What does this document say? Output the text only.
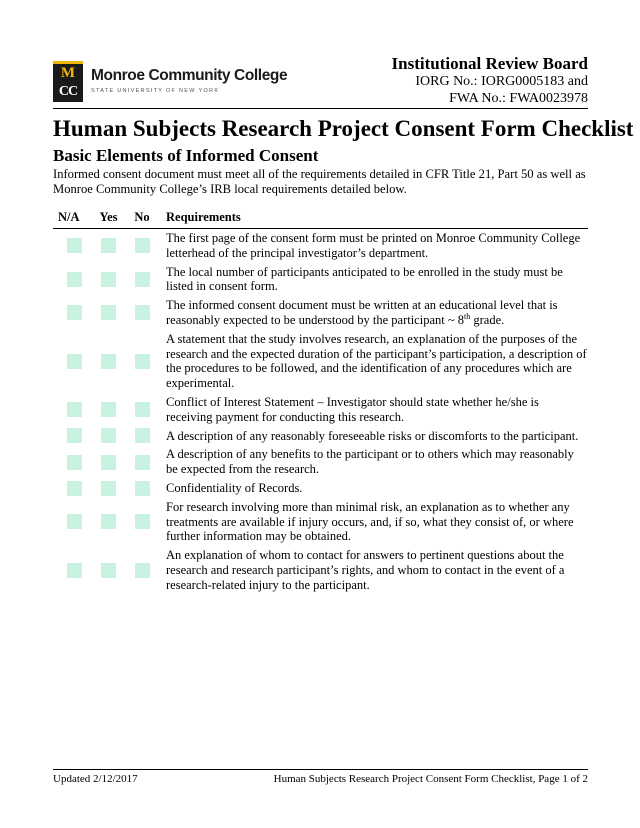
M
CC
Monroe Community College
STATE UNIVERSITY OF NEW YORK
Institutional Review Board
IORG No.: IORG0005183 and
FWA No.: FWA0023978
Human Subjects Research Project Consent Form Checklist
Basic Elements of Informed Consent
Informed consent document must meet all of the requirements detailed in CFR Title 21, Part 50 as well as Monroe Community College’s IRB local requirements detailed below.
N/A	Yes	No	Requirements
The first page of the consent form must be printed on Monroe Community College letterhead of the principal investigator’s department.
The local number of participants anticipated to be enrolled in the study must be listed in consent form.
The informed consent document must be written at an educational level that is reasonably expected to be understood by the participant ~ 8th grade.
A statement that the study involves research, an explanation of the purposes of the research and the expected duration of the participant’s participation, a description of the procedures to be followed, and the identification of any procedures which are experimental.
Conflict of Interest Statement – Investigator should state whether he/she is receiving payment for conducting this research.
A description of any reasonably foreseeable risks or discomforts to the participant.
A description of any benefits to the participant or to others which may reasonably be expected from the research.
Confidentiality of Records.
For research involving more than minimal risk, an explanation as to whether any treatments are available if injury occurs, and, if so, what they consist of, or where further information may be obtained.
An explanation of whom to contact for answers to pertinent questions about the research and research participant’s rights, and whom to contact in the event of a research-related injury to the participant.
Updated 2/12/2017	Human Subjects Research Project Consent Form Checklist, Page 1 of 2
